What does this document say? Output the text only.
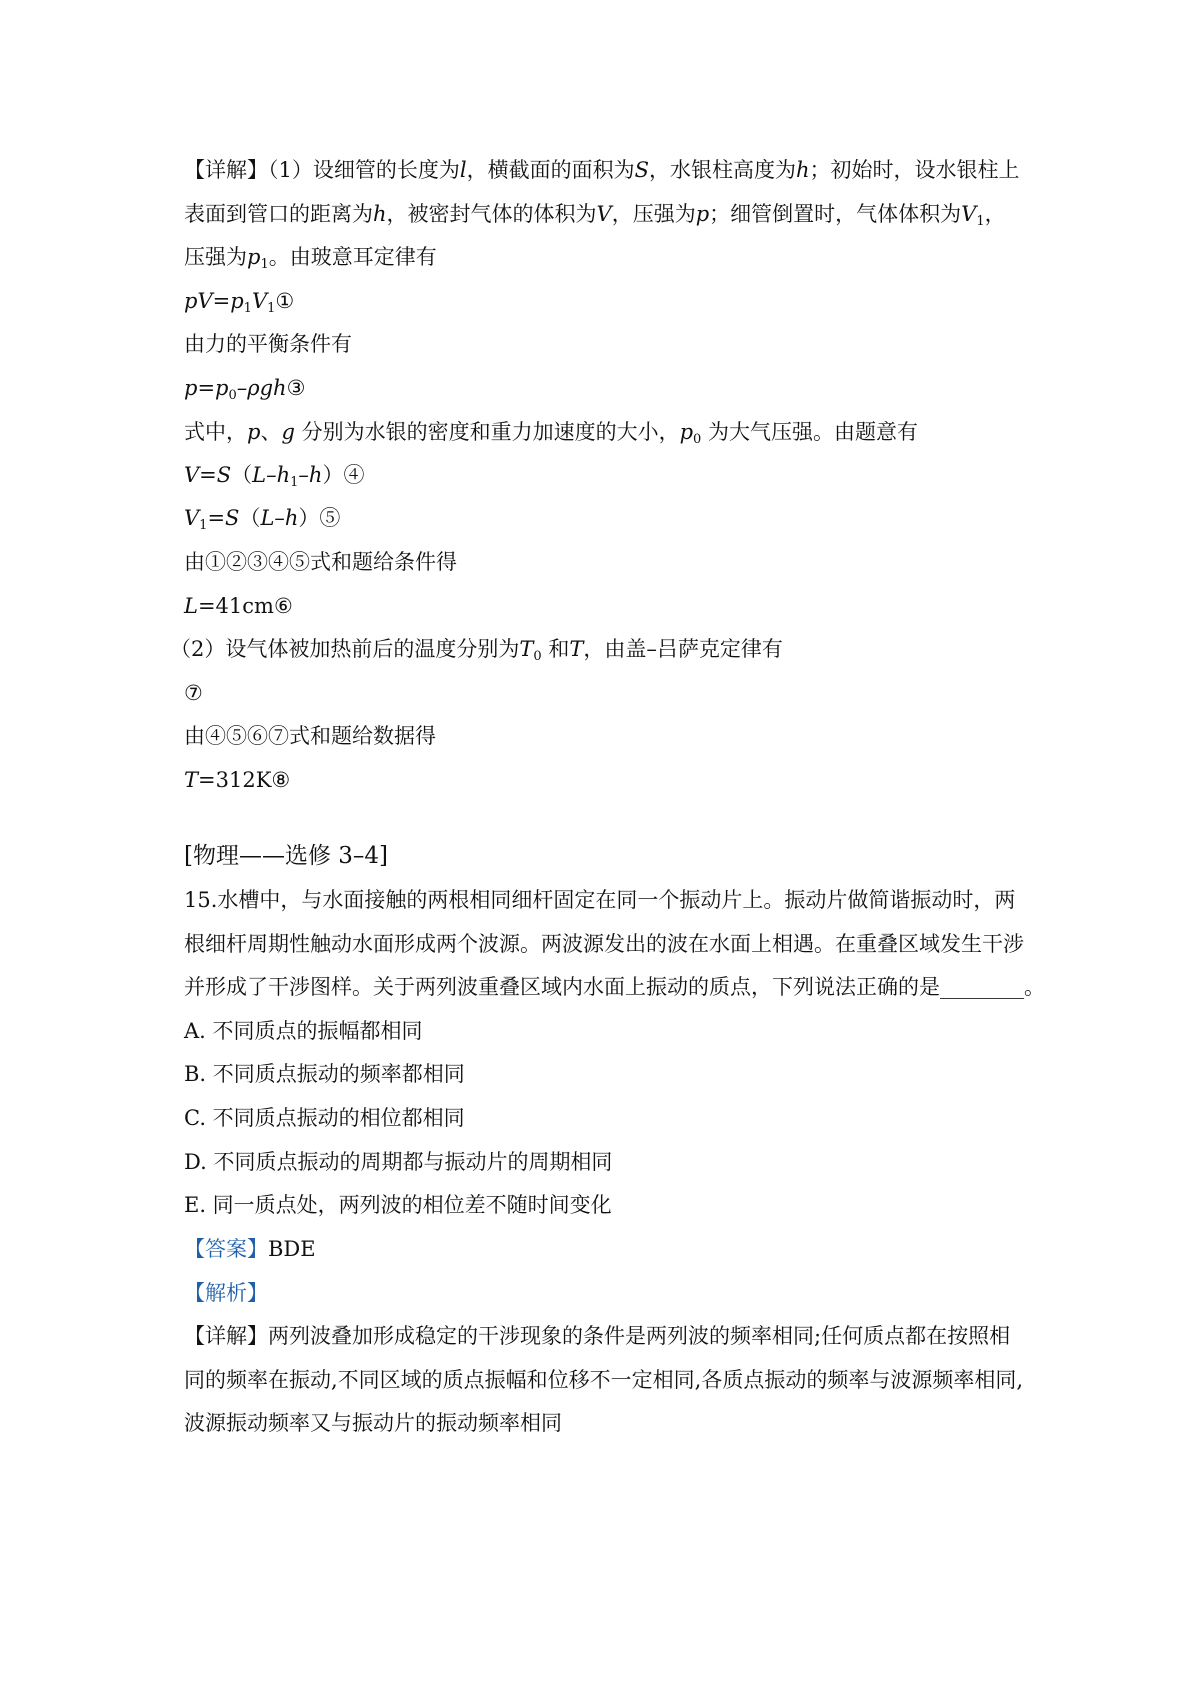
【详解】（1）设细管的长度为l，横截面的面积为S，水银柱高度为h；初始时，设水银柱上
表面到管口的距离为h，被密封气体的体积为V，压强为p；细管倒置时，气体体积为$V_1$，
压强为$p_1$。由玻意耳定律有
$pV=p_1V_1①$
由力的平衡条件有
$p=p_0$–ρgh③
式中，p、g 分别为水银的密度和重力加速度的大小，$p_0$ 为大气压强。由题意有
$V=S(L-h_1-h)④$
$V_1=S(L-h)⑤$
由①②③④⑤式和题给条件得
L=41cm⑥
（2）设气体被加热前后的温度分别为$T_0$ 和T，由盖–吕萨克定律有
⑦
由④⑤⑥⑦式和题给数据得
T=312K⑧
[物理——选修 3–4]
15.水槽中，与水面接触的两根相同细杆固定在同一个振动片上。振动片做简谐振动时，两
根细杆周期性触动水面形成两个波源。两波源发出的波在水面上相遇。在重叠区域发生干涉
并形成了干涉图样。关于两列波重叠区域内水面上振动的质点，下列说法正确的是________。
A. 不同质点的振幅都相同
B. 不同质点振动的频率都相同
C. 不同质点振动的相位都相同
D. 不同质点振动的周期都与振动片的周期相同
E. 同一质点处，两列波的相位差不随时间变化
【答案】BDE
【解析】
【详解】两列波叠加形成稳定的干涉现象的条件是两列波的频率相同;任何质点都在按照相
同的频率在振动,不同区域的质点振幅和位移不一定相同,各质点振动的频率与波源频率相同,
波源振动频率又与振动片的振动频率相同
